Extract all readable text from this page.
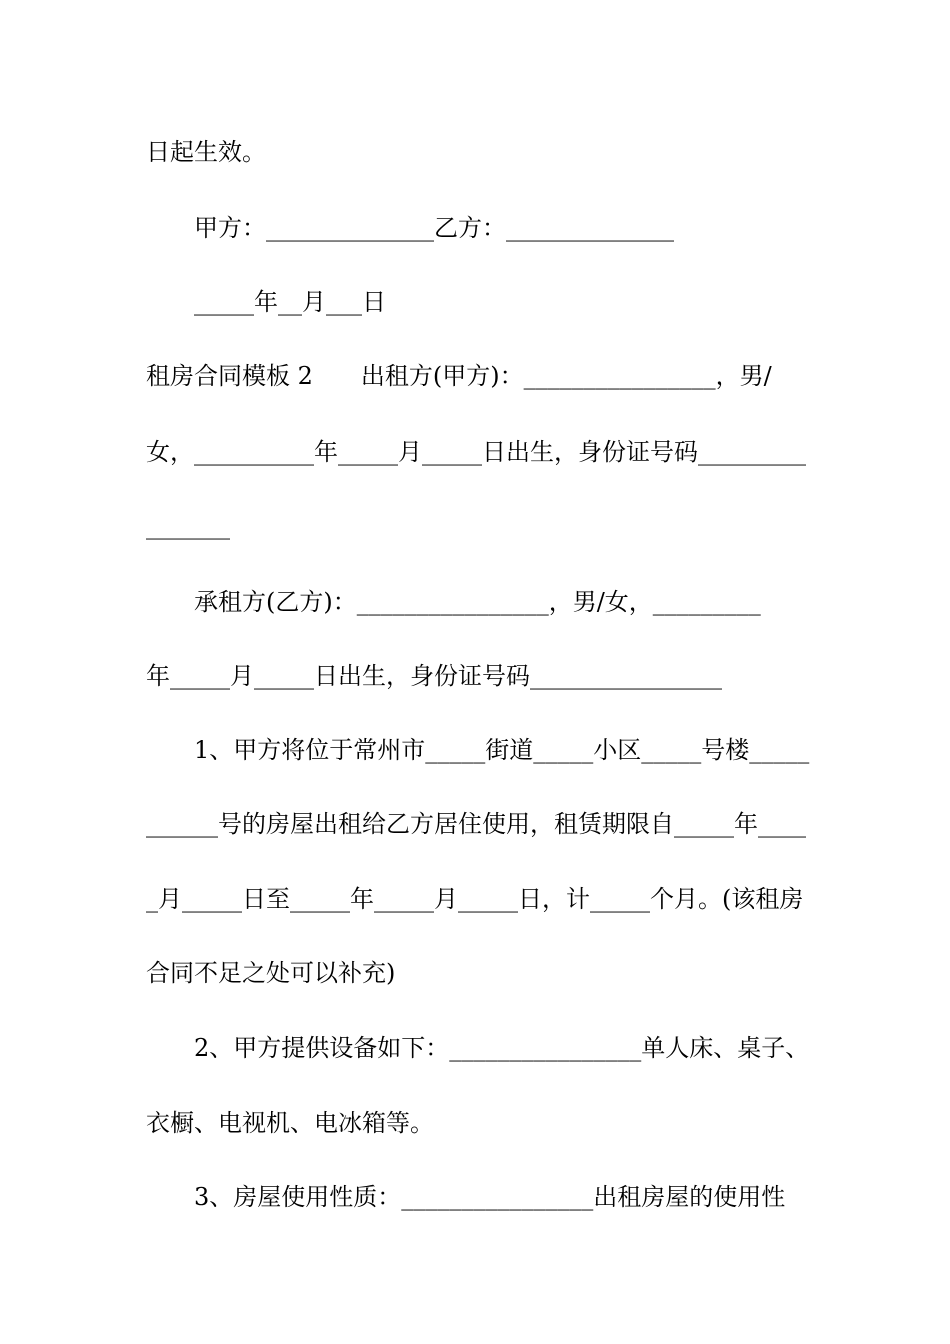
日起生效。
甲方：______________乙方：______________
_____年__月___日
租房合同模板 2　　出租方(甲方)：________________，男/
女，__________年_____月_____日出生，身份证号码_________
_______
承租方(乙方)：________________，男/女，_________
年_____月_____日出生，身份证号码________________
1、甲方将位于常州市_____街道_____小区_____号楼_____
______号的房屋出租给乙方居住使用，租赁期限自_____年____
_月_____日至_____年_____月_____日，计_____个月。(该租房
合同不足之处可以补充)
2、甲方提供设备如下：________________单人床、桌子、
衣橱、电视机、电冰箱等。
3、房屋使用性质：________________出租房屋的使用性
